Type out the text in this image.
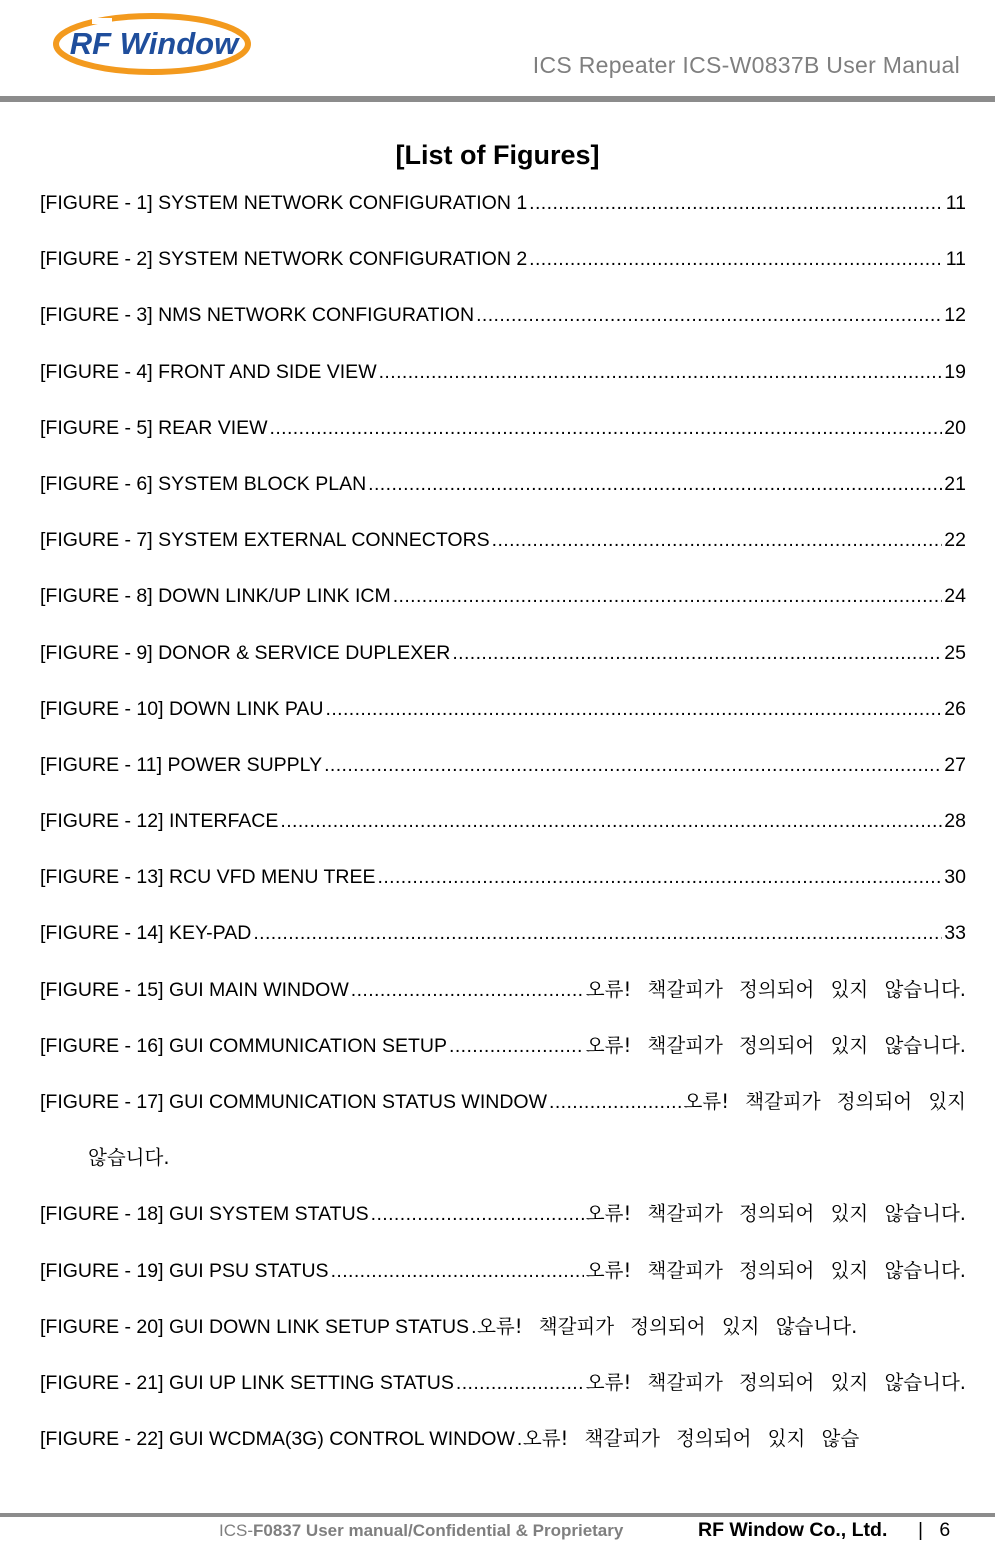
RF Window
ICS Repeater ICS-W0837B User Manual
[List of Figures]
[FIGURE - 1] SYSTEM NETWORK CONFIGURATION 1 .....	11
[FIGURE - 2] SYSTEM NETWORK CONFIGURATION 2 .....	11
[FIGURE - 3] NMS NETWORK CONFIGURATION .....	12
[FIGURE - 4] FRONT AND SIDE VIEW .....	19
[FIGURE - 5] REAR VIEW .....	20
[FIGURE - 6] SYSTEM BLOCK PLAN .....	21
[FIGURE - 7] SYSTEM EXTERNAL CONNECTORS .....	22
[FIGURE - 8] DOWN LINK/UP LINK ICM .....	24
[FIGURE - 9] DONOR & SERVICE DUPLEXER .....	25
[FIGURE - 10] DOWN LINK PAU .....	26
[FIGURE - 11] POWER SUPPLY .....	27
[FIGURE - 12] INTERFACE .....	28
[FIGURE - 13] RCU VFD MENU TREE .....	30
[FIGURE - 14] KEY-PAD .....	33
[FIGURE - 15] GUI MAIN WINDOW .....	오류! 책갈피가 정의되어 있지 않습니다.
[FIGURE - 16] GUI COMMUNICATION SETUP .....	오류! 책갈피가 정의되어 있지 않습니다.
[FIGURE - 17] GUI COMMUNICATION STATUS WINDOW .....	오류! 책갈피가 정의되어 있지
않습니다.
[FIGURE - 18] GUI SYSTEM STATUS .....	오류! 책갈피가 정의되어 있지 않습니다.
[FIGURE - 19] GUI PSU STATUS .....	오류! 책갈피가 정의되어 있지 않습니다.
[FIGURE - 20] GUI DOWN LINK SETUP STATUS ..... 오류! 책갈피가 정의되어 있지 않습니다.
[FIGURE - 21] GUI UP LINK SETTING STATUS .....	오류! 책갈피가 정의되어 있지 않습니다.
[FIGURE - 22] GUI WCDMA(3G) CONTROL WINDOW ..... 오류! 책갈피가 정의되어 있지 않습
ICS-F0837 User manual/Confidential & Proprietary	RF Window Co., Ltd. | 6
